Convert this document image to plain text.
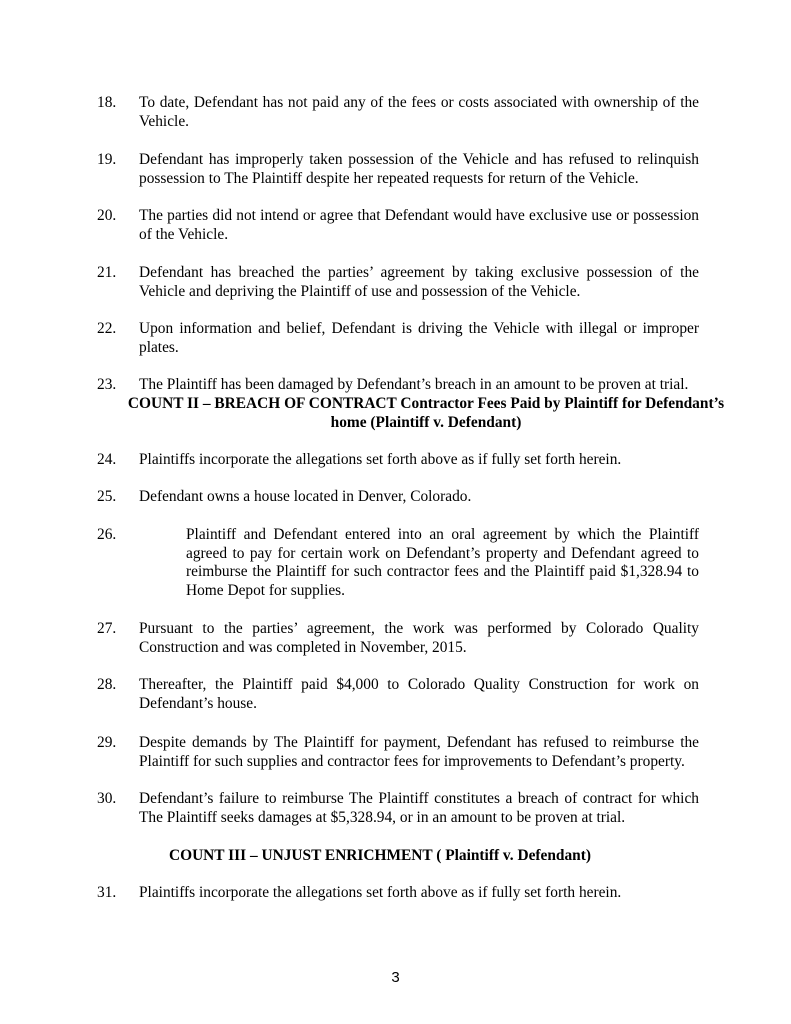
18. To date, Defendant has not paid any of the fees or costs associated with ownership of the Vehicle.
19. Defendant has improperly taken possession of the Vehicle and has refused to relinquish possession to The Plaintiff despite her repeated requests for return of the Vehicle.
20. The parties did not intend or agree that Defendant would have exclusive use or possession of the Vehicle.
21. Defendant has breached the parties’ agreement by taking exclusive possession of the Vehicle and depriving the Plaintiff of use and possession of the Vehicle.
22. Upon information and belief, Defendant is driving the Vehicle with illegal or improper plates.
23. The Plaintiff has been damaged by Defendant’s breach in an amount to be proven at trial.
COUNT II – BREACH OF CONTRACT Contractor Fees Paid by Plaintiff for Defendant’s
home (Plaintiff v. Defendant)
24. Plaintiffs incorporate the allegations set forth above as if fully set forth herein.
25. Defendant owns a house located in Denver, Colorado.
26.	Plaintiff and Defendant entered into an oral agreement by which the Plaintiff agreed to pay for certain work on Defendant’s property and Defendant agreed to reimburse the Plaintiff for such contractor fees and the Plaintiff paid $1,328.94 to Home Depot for supplies.
27. Pursuant to the parties’ agreement, the work was performed by Colorado Quality Construction and was completed in November, 2015.
28. Thereafter, the Plaintiff paid $4,000 to Colorado Quality Construction for work on Defendant’s house.
29. Despite demands by The Plaintiff for payment, Defendant has refused to reimburse the Plaintiff for such supplies and contractor fees for improvements to Defendant’s property.
30. Defendant’s failure to reimburse The Plaintiff constitutes a breach of contract for which The Plaintiff seeks damages at $5,328.94, or in an amount to be proven at trial.
COUNT III – UNJUST ENRICHMENT ( Plaintiff v. Defendant)
31. Plaintiffs incorporate the allegations set forth above as if fully set forth herein.
3
